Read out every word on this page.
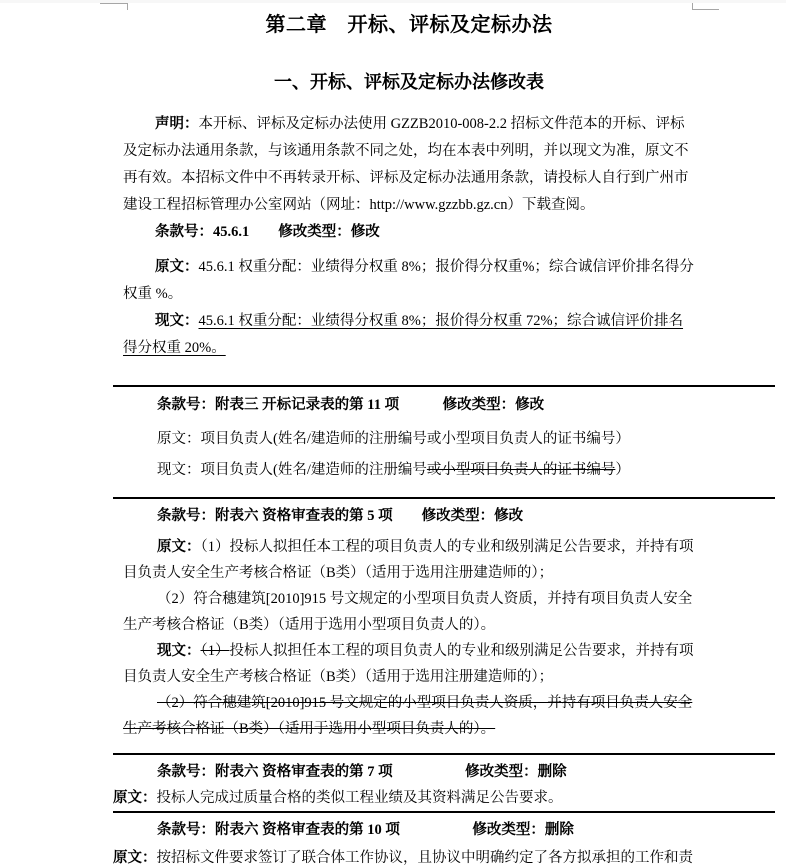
第二章　开标、评标及定标办法
一、开标、评标及定标办法修改表

声明：本开标、评标及定标办法使用 GZZB2010-008-2.2 招标文件范本的开标、评标及定标办法通用条款，与该通用条款不同之处，均在本表中列明，并以现文为准，原文不再有效。本招标文件中不再转录开标、评标及定标办法通用条款，请投标人自行到广州市建设工程招标管理办公室网站（网址：http://www.gzzbb.gz.cn）下载查阅。

条款号：45.6.1　　修改类型：修改

原文：45.6.1 权重分配：业绩得分权重 8%；报价得分权重%；综合诚信评价排名得分权重 %。

现文：45.6.1 权重分配：业绩得分权重 8%；报价得分权重 72%；综合诚信评价排名得分权重 20%。

条款号：附表三 开标记录表的第 11 项　　　修改类型：修改

原文：项目负责人(姓名/建造师的注册编号或小型项目负责人的证书编号）

现文：项目负责人(姓名/建造师的注册编号或小型项目负责人的证书编号）

条款号：附表六 资格审查表的第 5 项　　修改类型：修改

原文：（1）投标人拟担任本工程的项目负责人的专业和级别满足公告要求，并持有项目负责人安全生产考核合格证（B类）（适用于选用注册建造师的）；

（2）符合穗建筑[2010]915 号文规定的小型项目负责人资质，并持有项目负责人安全生产考核合格证（B类）（适用于选用小型项目负责人的）。

现文：（1）投标人拟担任本工程的项目负责人的专业和级别满足公告要求，并持有项目负责人安全生产考核合格证（B类）（适用于选用注册建造师的）；

（2）符合穗建筑[2010]915 号文规定的小型项目负责人资质，并持有项目负责人安全生产考核合格证（B类）（适用于选用小型项目负责人的）。

条款号：附表六 资格审查表的第 7 项　　　　　修改类型：删除

原文：投标人完成过质量合格的类似工程业绩及其资料满足公告要求。

条款号：附表六 资格审查表的第 10 项　　　　　修改类型：删除

原文：按招标文件要求签订了联合体工作协议，且协议中明确约定了各方拟承担的工作和责
